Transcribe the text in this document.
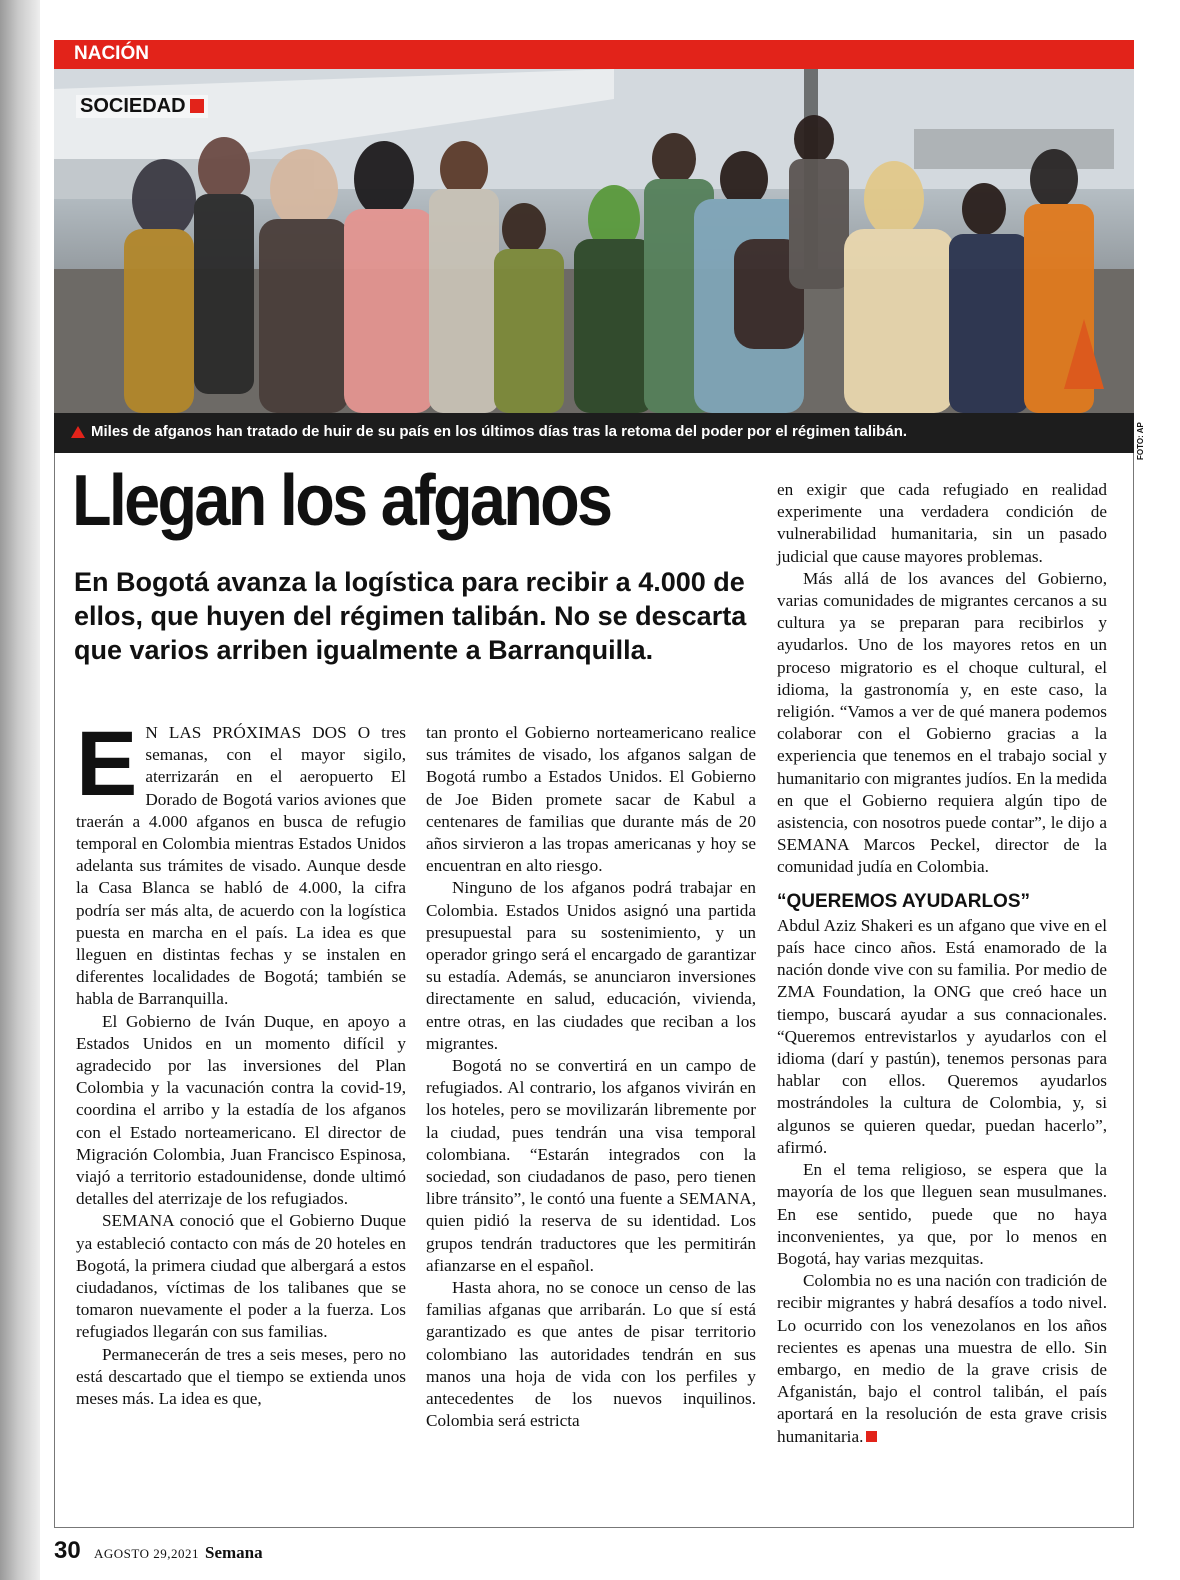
NACIÓN
SOCIEDAD
Miles de afganos han tratado de huir de su país en los últimos días tras la retoma del poder por el régimen talibán.	FOTO: AP
Llegan los afganos
En Bogotá avanza la logística para recibir a 4.000 de ellos, que huyen del régimen talibán. No se descarta que varios arriben igualmente a Barranquilla.

E N LAS PRÓXIMAS DOS O tres semanas, con el mayor sigilo, aterrizarán en el aeropuerto El Dorado de Bogotá varios aviones que traerán a 4.000 afganos en busca de refugio temporal en Colombia mientras Estados Unidos adelanta sus trámites de visado. Aunque desde la Casa Blanca se habló de 4.000, la cifra podría ser más alta, de acuerdo con la logística puesta en marcha en el país. La idea es que lleguen en distintas fechas y se instalen en diferentes localidades de Bogotá; también se habla de Barranquilla.

El Gobierno de Iván Duque, en apoyo a Estados Unidos en un momento difícil y agradecido por las inversiones del Plan Colombia y la vacunación contra la covid-19, coordina el arribo y la estadía de los afganos con el Estado norteamericano. El director de Migración Colombia, Juan Francisco Espinosa, viajó a territorio estadounidense, donde ultimó detalles del aterrizaje de los refugiados.

SEMANA conoció que el Gobierno Duque ya estableció contacto con más de 20 hoteles en Bogotá, la primera ciudad que albergará a estos ciudadanos, víctimas de los talibanes que se tomaron nuevamente el poder a la fuerza. Los refugiados llegarán con sus familias.

Permanecerán de tres a seis meses, pero no está descartado que el tiempo se extienda unos meses más. La idea es que,

tan pronto el Gobierno norteamericano realice sus trámites de visado, los afganos salgan de Bogotá rumbo a Estados Unidos. El Gobierno de Joe Biden promete sacar de Kabul a centenares de familias que durante más de 20 años sirvieron a las tropas americanas y hoy se encuentran en alto riesgo.

Ninguno de los afganos podrá trabajar en Colombia. Estados Unidos asignó una partida presupuestal para su sostenimiento, y un operador gringo será el encargado de garantizar su estadía. Además, se anunciaron inversiones directamente en salud, educación, vivienda, entre otras, en las ciudades que reciban a los migrantes.

Bogotá no se convertirá en un campo de refugiados. Al contrario, los afganos vivirán en los hoteles, pero se movilizarán libremente por la ciudad, pues tendrán una visa temporal colombiana. “Estarán integrados con la sociedad, son ciudadanos de paso, pero tienen libre tránsito”, le contó una fuente a SEMANA, quien pidió la reserva de su identidad. Los grupos tendrán traductores que les permitirán afianzarse en el español.

Hasta ahora, no se conoce un censo de las familias afganas que arribarán. Lo que sí está garantizado es que antes de pisar territorio colombiano las autoridades tendrán en sus manos una hoja de vida con los perfiles y antecedentes de los nuevos inquilinos. Colombia será estricta

en exigir que cada refugiado en realidad experimente una verdadera condición de vulnerabilidad humanitaria, sin un pasado judicial que cause mayores problemas.

Más allá de los avances del Gobierno, varias comunidades de migrantes cercanos a su cultura ya se preparan para recibirlos y ayudarlos. Uno de los mayores retos en un proceso migratorio es el choque cultural, el idioma, la gastronomía y, en este caso, la religión. “Vamos a ver de qué manera podemos colaborar con el Gobierno gracias a la experiencia que tenemos en el trabajo social y humanitario con migrantes judíos. En la medida en que el Gobierno requiera algún tipo de asistencia, con nosotros puede contar”, le dijo a SEMANA Marcos Peckel, director de la comunidad judía en Colombia.

“QUEREMOS AYUDARLOS”

Abdul Aziz Shakeri es un afgano que vive en el país hace cinco años. Está enamorado de la nación donde vive con su familia. Por medio de ZMA Foundation, la ONG que creó hace un tiempo, buscará ayudar a sus connacionales. “Queremos entrevistarlos y ayudarlos con el idioma (darí y pastún), tenemos personas para hablar con ellos. Queremos ayudarlos mostrándoles la cultura de Colombia, y, si algunos se quieren quedar, puedan hacerlo”, afirmó.

En el tema religioso, se espera que la mayoría de los que lleguen sean musulmanes. En ese sentido, puede que no haya inconvenientes, ya que, por lo menos en Bogotá, hay varias mezquitas.

Colombia no es una nación con tradición de recibir migrantes y habrá desafíos a todo nivel. Lo ocurrido con los venezolanos en los años recientes es apenas una muestra de ello. Sin embargo, en medio de la grave crisis de Afganistán, bajo el control talibán, el país aportará en la resolución de esta grave crisis humanitaria.

30 AGOSTO 29,2021 Semana
